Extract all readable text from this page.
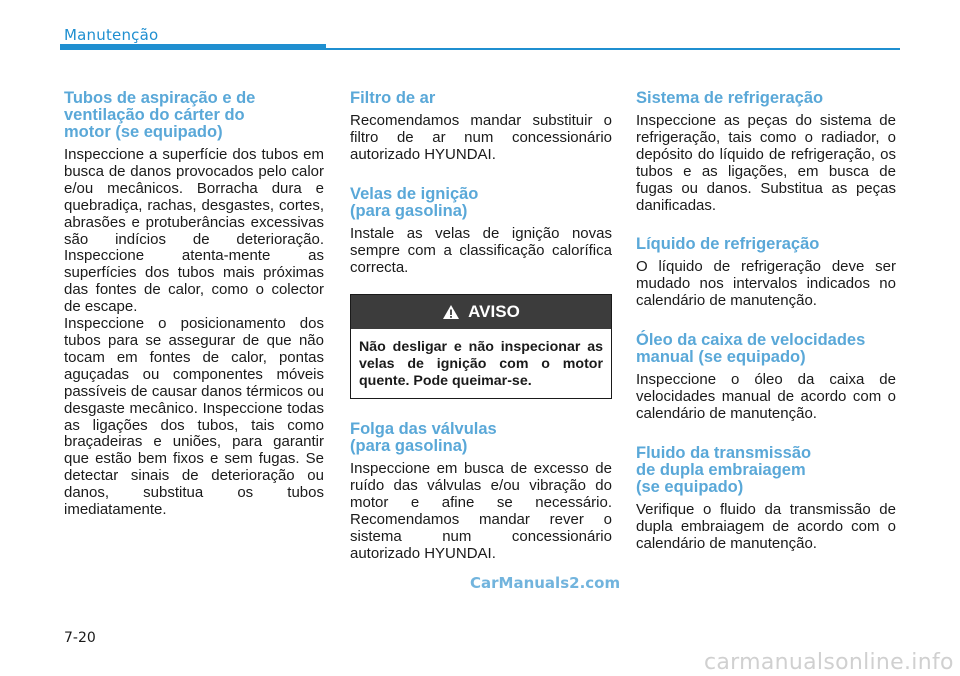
Manutenção
Tubos de aspiração e de ventilação do cárter do motor (se equipado)

Inspeccione a superfície dos tubos em busca de danos provocados pelo calor e/ou mecânicos. Borracha dura e quebradiça, rachas, desgastes, cortes, abrasões e protuberâncias excessivas são indícios de deterioração. Inspeccione atenta-mente as superfícies dos tubos mais próximas das fontes de calor, como o colector de escape.

Inspeccione o posicionamento dos tubos para se assegurar de que não tocam em fontes de calor, pontas aguçadas ou componentes móveis passíveis de causar danos térmicos ou desgaste mecânico. Inspeccione todas as ligações dos tubos, tais como braçadeiras e uniões, para garantir que estão bem fixos e sem fugas. Se detectar sinais de deterioração ou danos, substitua os tubos imediatamente.

Filtro de ar

Recomendamos mandar substituir o filtro de ar num concessionário autorizado HYUNDAI.

Velas de ignição (para gasolina)

Instale as velas de ignição novas sempre com a classificação calorífica correcta.

AVISO
Não desligar e não inspecionar as velas de ignição com o motor quente. Pode queimar-se.
Folga das válvulas (para gasolina)

Inspeccione em busca de excesso de ruído das válvulas e/ou vibração do motor e afine se necessário. Recomendamos mandar rever o sistema num concessionário autorizado HYUNDAI.

Sistema de refrigeração

Inspeccione as peças do sistema de refrigeração, tais como o radiador, o depósito do líquido de refrigeração, os tubos e as ligações, em busca de fugas ou danos. Substitua as peças danificadas.

Líquido de refrigeração

O líquido de refrigeração deve ser mudado nos intervalos indicados no calendário de manutenção.

Óleo da caixa de velocidades manual (se equipado)

Inspeccione o óleo da caixa de velocidades manual de acordo com o calendário de manutenção.

Fluido da transmissão de dupla embraiagem (se equipado)

Verifique o fluido da transmissão de dupla embraiagem de acordo com o calendário de manutenção.

CarManuals2.com
7-20
carmanualsonline.info
